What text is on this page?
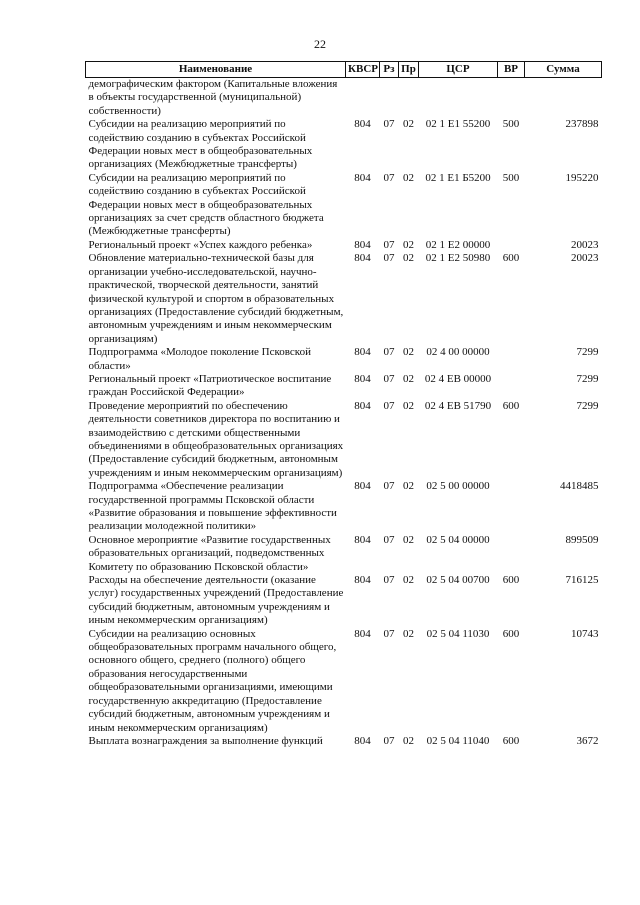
22
Наименование	КВСР	Рз	Пр	ЦСР	ВР	Сумма
демографическим фактором (Капитальные вложения в объекты государственной (муниципальной) собственности)						
Субсидии на реализацию мероприятий по содействию созданию в субъектах Российской Федерации новых мест в общеобразовательных организациях (Межбюджетные трансферты)	804	07	02	02 1 Е1 55200	500	237898
Субсидии на реализацию мероприятий по содействию созданию в субъектах Российской Федерации новых мест в общеобразовательных организациях за счет средств областного бюджета (Межбюджетные трансферты)	804	07	02	02 1 Е1 Б5200	500	195220
Региональный проект «Успех каждого ребенка»	804	07	02	02 1 Е2 00000		20023
Обновление материально-технической базы для организации учебно-исследовательской, научно-практической, творческой деятельности, занятий физической культурой и спортом в образовательных организациях (Предоставление субсидий бюджетным, автономным учреждениям и иным некоммерческим организациям)	804	07	02	02 1 Е2 50980	600	20023
Подпрограмма «Молодое поколение Псковской области»	804	07	02	02 4 00 00000		7299
Региональный проект «Патриотическое воспитание граждан Российской Федерации»	804	07	02	02 4 ЕВ 00000		7299
Проведение мероприятий по обеспечению деятельности советников директора по воспитанию и взаимодействию с детскими общественными объединениями в общеобразовательных организациях (Предоставление субсидий бюджетным, автономным учреждениям и иным некоммерческим организациям)	804	07	02	02 4 ЕВ 51790	600	7299
Подпрограмма «Обеспечение реализации государственной программы Псковской области «Развитие образования и повышение эффективности реализации молодежной политики»	804	07	02	02 5 00 00000		4418485
Основное мероприятие «Развитие государственных образовательных организаций, подведомственных Комитету по образованию Псковской области»	804	07	02	02 5 04 00000		899509
Расходы на обеспечение деятельности (оказание услуг) государственных учреждений (Предоставление субсидий бюджетным, автономным учреждениям и иным некоммерческим организациям)	804	07	02	02 5 04 00700	600	716125
Субсидии на реализацию основных общеобразовательных программ начального общего, основного общего, среднего (полного) общего образования негосударственными общеобразовательными организациями, имеющими государственную аккредитацию (Предоставление субсидий бюджетным, автономным учреждениям и иным некоммерческим организациям)	804	07	02	02 5 04 11030	600	10743
Выплата вознаграждения за выполнение функций	804	07	02	02 5 04 11040	600	3672
